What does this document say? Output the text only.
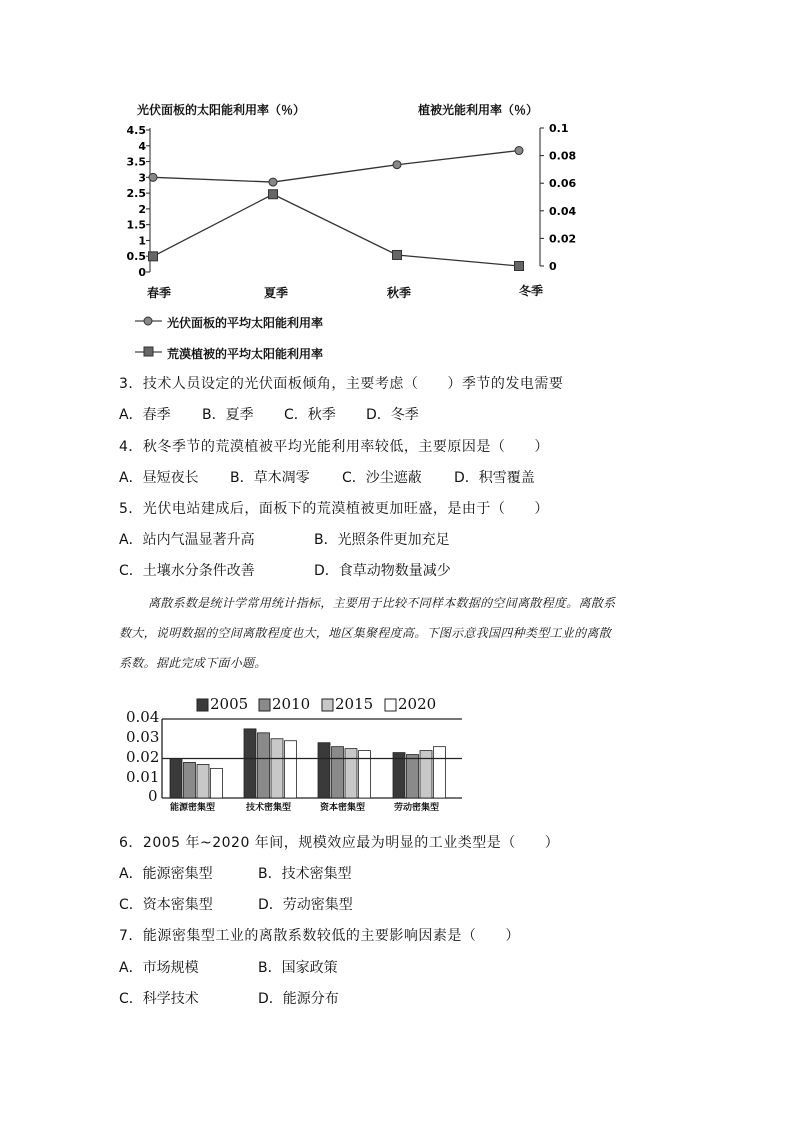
光伏面板的太阳能利用率（％）	植被光能利用率（％）
4.5
4
3.5
3
2.5
2
1.5
1
0.5
0
0.1
0.08
0.06
0.04
0.02
0
春季	夏季	秋季	冬季
光伏面板的平均太阳能利用率
荒漠植被的平均太阳能利用率
3．技术人员设定的光伏面板倾角，主要考虑（　　）季节的发电需要
A．春季 B．夏季 C．秋季 D．冬季
4．秋冬季节的荒漠植被平均光能利用率较低，主要原因是（　　）
A．昼短夜长 B．草木凋零 C．沙尘遮蔽 D．积雪覆盖
5．光伏电站建成后，面板下的荒漠植被更加旺盛，是由于（　　）
A．站内气温显著升高	B．光照条件更加充足
C．土壤水分条件改善	D．食草动物数量减少
离散系数是统计学常用统计指标，主要用于比较不同样本数据的空间离散程度。离散系
数大，说明数据的空间离散程度也大，地区集聚程度高。下图示意我国四种类型工业的离散
系数。据此完成下面小题。
2005 2010 2015 2020
0.04
0.03
0.02
0.01
0
能源密集型	技术密集型	资本密集型	劳动密集型
6．2005 年~2020 年间，规模效应最为明显的工业类型是（　　）
A．能源密集型	B．技术密集型
C．资本密集型	D．劳动密集型
7．能源密集型工业的离散系数较低的主要影响因素是（　　）
A．市场规模	B．国家政策
C．科学技术	D．能源分布
